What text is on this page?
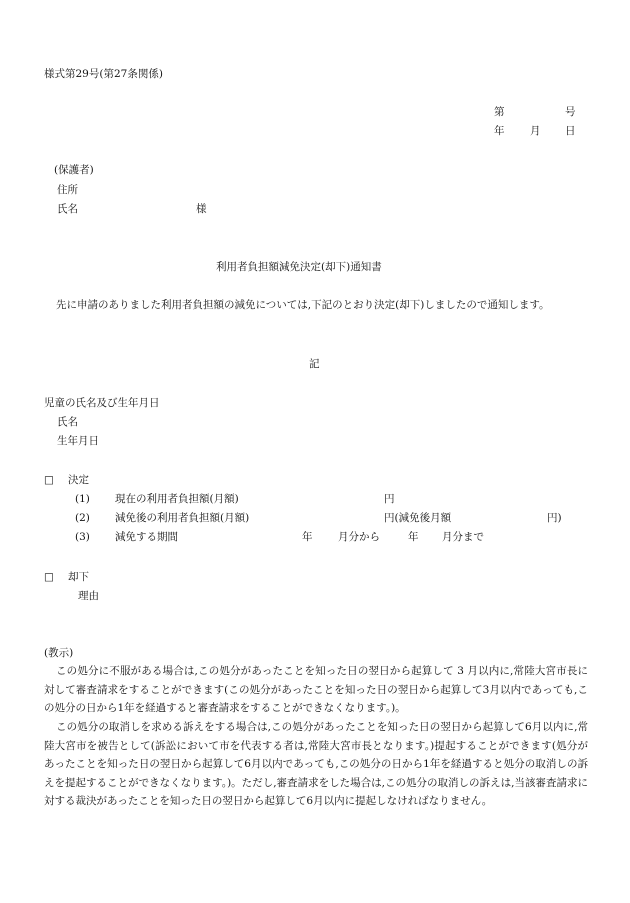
様式第29号(第27条関係)
第	号
年 月 日
(保護者)
住所
氏名	様
利用者負担額減免決定(却下)通知書
先に申請のありました利用者負担額の減免については,下記のとおり決定(却下)しましたので通知します。
記
児童の氏名及び生年月日
氏名
生年月日
□ 決定
(1) 現在の利用者負担額(月額)	円
(2) 減免後の利用者負担額(月額)	円(減免後月額	円)
(3) 減免する期間	年 月分から	年 月分まで
□ 却下
理由
(教示)
この処分に不服がある場合は,この処分があったことを知った日の翌日から起算して 3 月以内に,常陸大宮市長に対して審査請求をすることができます(この処分があったことを知った日の翌日から起算して3月以内であっても,この処分の日から1年を経過すると審査請求をすることができなくなります。)。
この処分の取消しを求める訴えをする場合は,この処分があったことを知った日の翌日から起算して6月以内に,常陸大宮市を被告として(訴訟において市を代表する者は,常陸大宮市長となります。)提起することができます(処分があったことを知った日の翌日から起算して6月以内であっても,この処分の日から1年を経過すると処分の取消しの訴えを提起することができなくなります。)。ただし,審査請求をした場合は,この処分の取消しの訴えは,当該審査請求に対する裁決があったことを知った日の翌日から起算して6月以内に提起しなければなりません。
